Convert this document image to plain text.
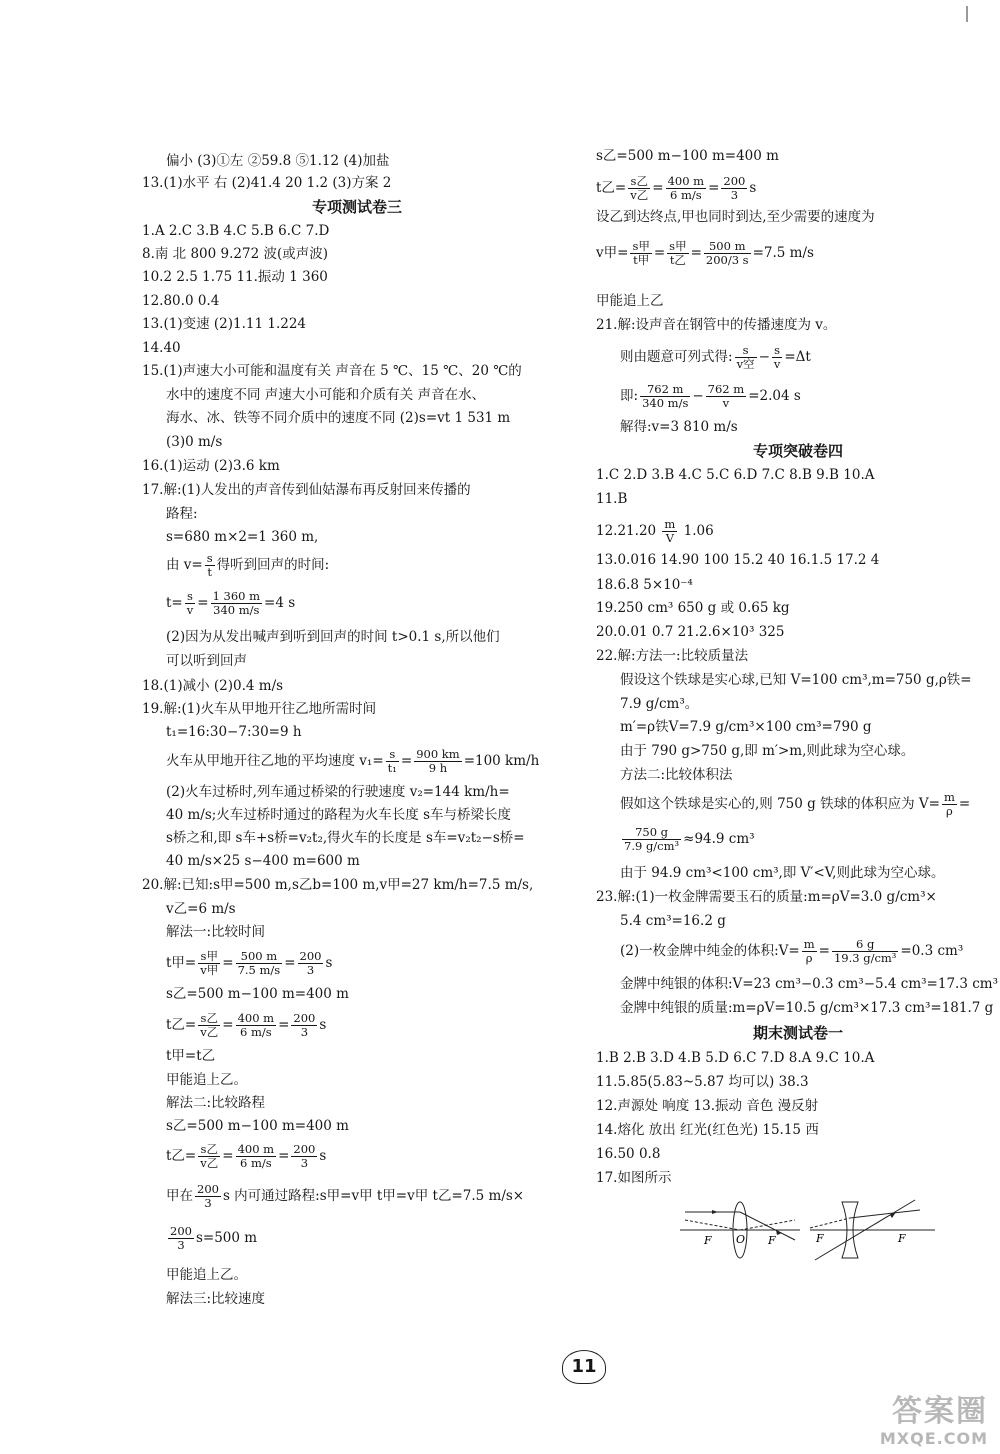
偏小 (3)①左 ②59.8 ⑤1.12 (4)加盐
13.(1)水平 右 (2)41.4 20 1.2 (3)方案 2
专项测试卷三
1.A 2.C 3.B 4.C 5.B 6.C 7.D
8.南 北 800 9.272 波(或声波)
10.2 2.5 1.75 11.振动 1 360
12.80.0 0.4
13.(1)变速 (2)1.11 1.224
14.40
15.(1)声速大小可能和温度有关 声音在 5 ℃、15 ℃、20 ℃的
水中的速度不同 声速大小可能和介质有关 声音在水、
海水、冰、铁等不同介质中的速度不同 (2)s=vt 1 531 m
(3)0 m/s
16.(1)运动 (2)3.6 km
17.解:(1)人发出的声音传到仙姑瀑布再反射回来传播的
路程:
s=680 m×2=1 360 m,
由 $v= \frac{s}{t}$ 得听到回声的时间:
$t= \frac{s}{v} = \frac{1 360 m}{340 m/s} =4$ s
(2)因为从发出喊声到听到回声的时间 t>0.1 s,所以他们
可以听到回声
18.(1)减小 (2)0.4 m/s
19.解:(1)火车从甲地开往乙地所需时间
t₁=16:30−7:30=9 h
火车从甲地开往乙地的平均速度 $v_1= \frac{s}{\text{t₁}} = \frac{900 km}{9 h} =100$ km/h
(2)火车过桥时,列车通过桥梁的行驶速度 v₂=144 km/h=
40 m/s;火车过桥时通过的路程为火车长度 s车与桥梁长度
s桥之和,即 s车+s桥=v₂t₂,得火车的长度是 s车=v₂t₂−s桥=
40 m/s×25 s−400 m=600 m
20.解:已知:s甲=500 m,s乙b=100 m,v甲=27 km/h=7.5 m/s,
v乙=6 m/s
解法一:比较时间
t甲= s甲
v甲 = $\frac{500 m}{7.5 m/s} = \frac{200}{3}$ s
s乙=500 m−100 m=400 m
t乙= s乙
v乙 = $\frac{400 m}{6 m/s} = \frac{200}{3}$ s
t甲=t乙
甲能追上乙。
解法二:比较路程
s乙=500 m−100 m=400 m
t乙= s乙
v乙 = $\frac{400 m}{6 m/s} = \frac{200}{3}$ s
甲在 $\frac{200}{3}$ s 内可通过路程:s甲=v甲 t甲=v甲 t乙=7.5 m/s×
$\frac{200}{3} s=500$ m
甲能追上乙。
解法三:比较速度
s乙=500 m−100 m=400 m
t乙= s乙
v乙 = $\frac{400 m}{6 m/s} = \frac{200}{3}$ s
设乙到达终点,甲也同时到达,至少需要的速度为
v甲= s甲
t甲 = s甲
t乙 = $\frac{500 m}{200/3 s} =7.5$ m/s
甲能追上乙
21.解:设声音在钢管中的传播速度为 v。
则由题意可列式得: s
v空 − $\frac{s}{v} =\Delta t$
即: $\frac{762 m}{340 m/s} - \frac{762 m}{v} =2.04$ s
解得:v=3 810 m/s
专项突破卷四
1.C 2.D 3.B 4.C 5.C 6.D 7.C 8.B 9.B 10.A
11.B
$12.21.20 \frac{m}{V} 1.06$
13.0.016 14.90 100 15.2 40 16.1.5 17.2 4
18.6.8 5×10⁻⁴
19.250 cm³ 650 g 或 0.65 kg
20.0.01 0.7 21.2.6×10³ 325
22.解:方法一:比较质量法
假设这个铁球是实心球,已知 V=100 cm³,m=750 g,ρ铁=
7.9 g/cm³。
m′=ρ铁V=7.9 g/cm³×100 cm³=790 g
由于 790 g>750 g,即 m′>m,则此球为空心球。
方法二:比较体积法
假如这个铁球是实心的,则 750 g 铁球的体积应为 $V= \frac{m}{\rho}$ =
$\frac{750 g}{\text{7.9 g/cm³}} \approx 94.9$ cm³
由于 94.9 cm³<100 cm³,即 V′<V,则此球为空心球。
23.解:(1)一枚金牌需要玉石的质量:m=ρV=3.0 g/cm³×
5.4 cm³=16.2 g
(2)一枚金牌中纯金的体积:V= $\frac{m}{\rho} = \frac{6 g}{\text{19.3 g/cm³}} =0.3$ cm³
金牌中纯银的体积:V=23 cm³−0.3 cm³−5.4 cm³=17.3 cm³
金牌中纯银的质量:m=ρV=10.5 g/cm³×17.3 cm³=181.7 g
期末测试卷一
1.B 2.B 3.D 4.B 5.D 6.C 7.D 8.A 9.C 10.A
11.5.85(5.83~5.87 均可以) 38.3
12.声源处 响度 13.振动 音色 漫反射
14.熔化 放出 红光(红色光) 15.15 西
16.50 0.8
17.如图所示
F O F	F	F
11
答案圈
MXQE.COM
